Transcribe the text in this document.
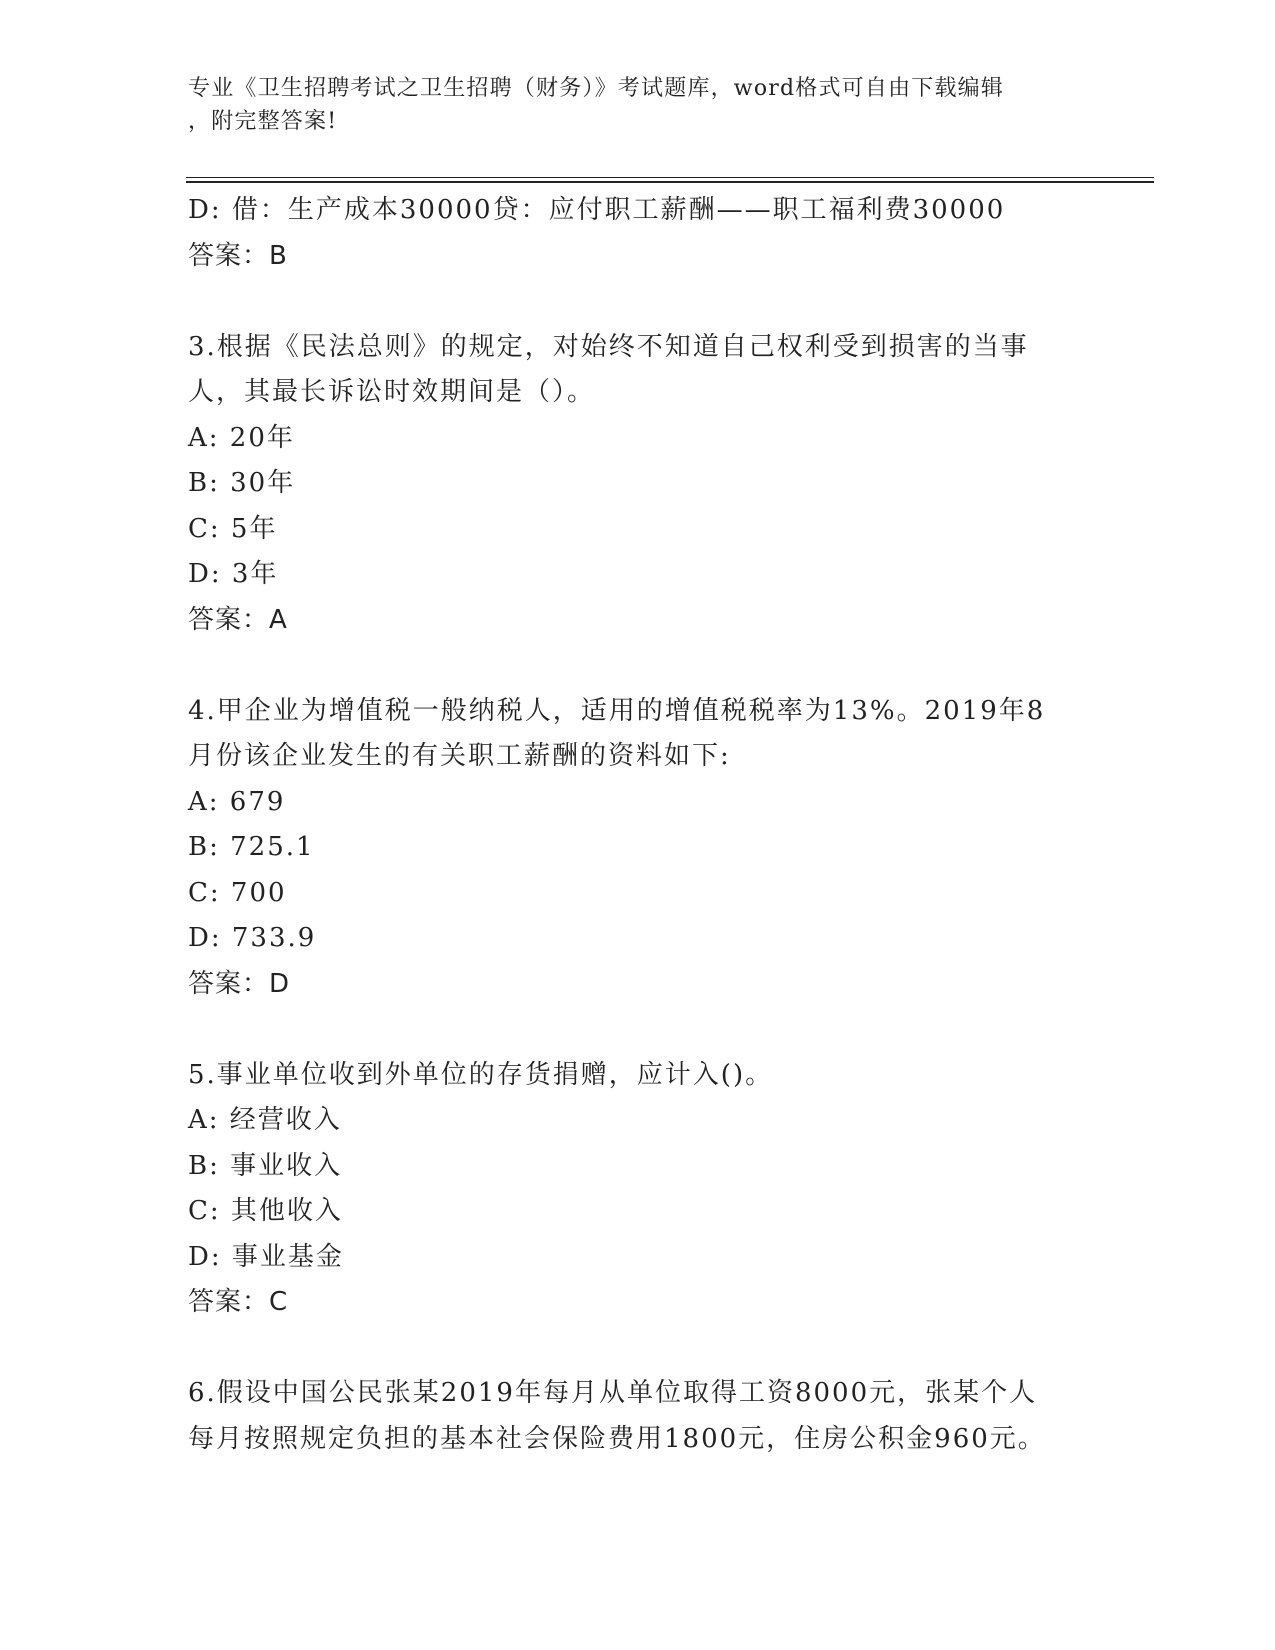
专业《卫生招聘考试之卫生招聘（财务）》考试题库，word格式可自由下载编辑
，附完整答案!
D: 借：生产成本30000贷：应付职工薪酬——职工福利费30000
答案：B
3.根据《民法总则》的规定，对始终不知道自己权利受到损害的当事
人，其最长诉讼时效期间是（）。
A: 20年
B: 30年
C: 5年
D: 3年
答案：A
4.甲企业为增值税一般纳税人，适用的增值税税率为13%。2019年8
月份该企业发生的有关职工薪酬的资料如下:
A: 679
B: 725.1
C: 700
D: 733.9
答案：D
5.事业单位收到外单位的存货捐赠，应计入()。
A: 经营收入
B: 事业收入
C: 其他收入
D: 事业基金
答案：C
6.假设中国公民张某2019年每月从单位取得工资8000元，张某个人
每月按照规定负担的基本社会保险费用1800元，住房公积金960元。
